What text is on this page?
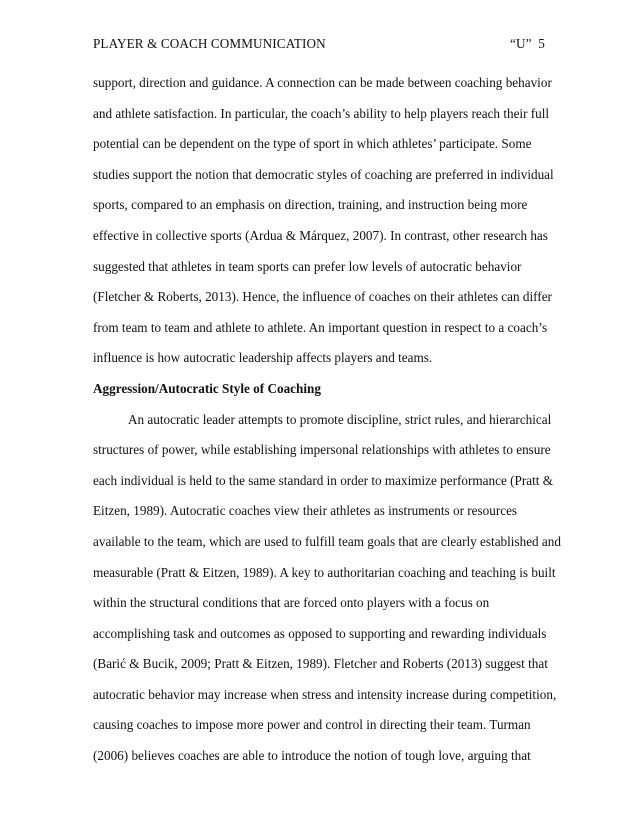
PLAYER & COACH COMMUNICATION	“U” 5
support, direction and guidance. A connection can be made between coaching behavior
and athlete satisfaction. In particular, the coach’s ability to help players reach their full
potential can be dependent on the type of sport in which athletes’ participate. Some
studies support the notion that democratic styles of coaching are preferred in individual
sports, compared to an emphasis on direction, training, and instruction being more
effective in collective sports (Ardua & Márquez, 2007). In contrast, other research has
suggested that athletes in team sports can prefer low levels of autocratic behavior
(Fletcher & Roberts, 2013). Hence, the influence of coaches on their athletes can differ
from team to team and athlete to athlete. An important question in respect to a coach’s
influence is how autocratic leadership affects players and teams.
Aggression/Autocratic Style of Coaching
An autocratic leader attempts to promote discipline, strict rules, and hierarchical
structures of power, while establishing impersonal relationships with athletes to ensure
each individual is held to the same standard in order to maximize performance (Pratt &
Eitzen, 1989). Autocratic coaches view their athletes as instruments or resources
available to the team, which are used to fulfill team goals that are clearly established and
measurable (Pratt & Eitzen, 1989). A key to authoritarian coaching and teaching is built
within the structural conditions that are forced onto players with a focus on
accomplishing task and outcomes as opposed to supporting and rewarding individuals
(Barić & Bucik, 2009; Pratt & Eitzen, 1989). Fletcher and Roberts (2013) suggest that
autocratic behavior may increase when stress and intensity increase during competition,
causing coaches to impose more power and control in directing their team. Turman
(2006) believes coaches are able to introduce the notion of tough love, arguing that
